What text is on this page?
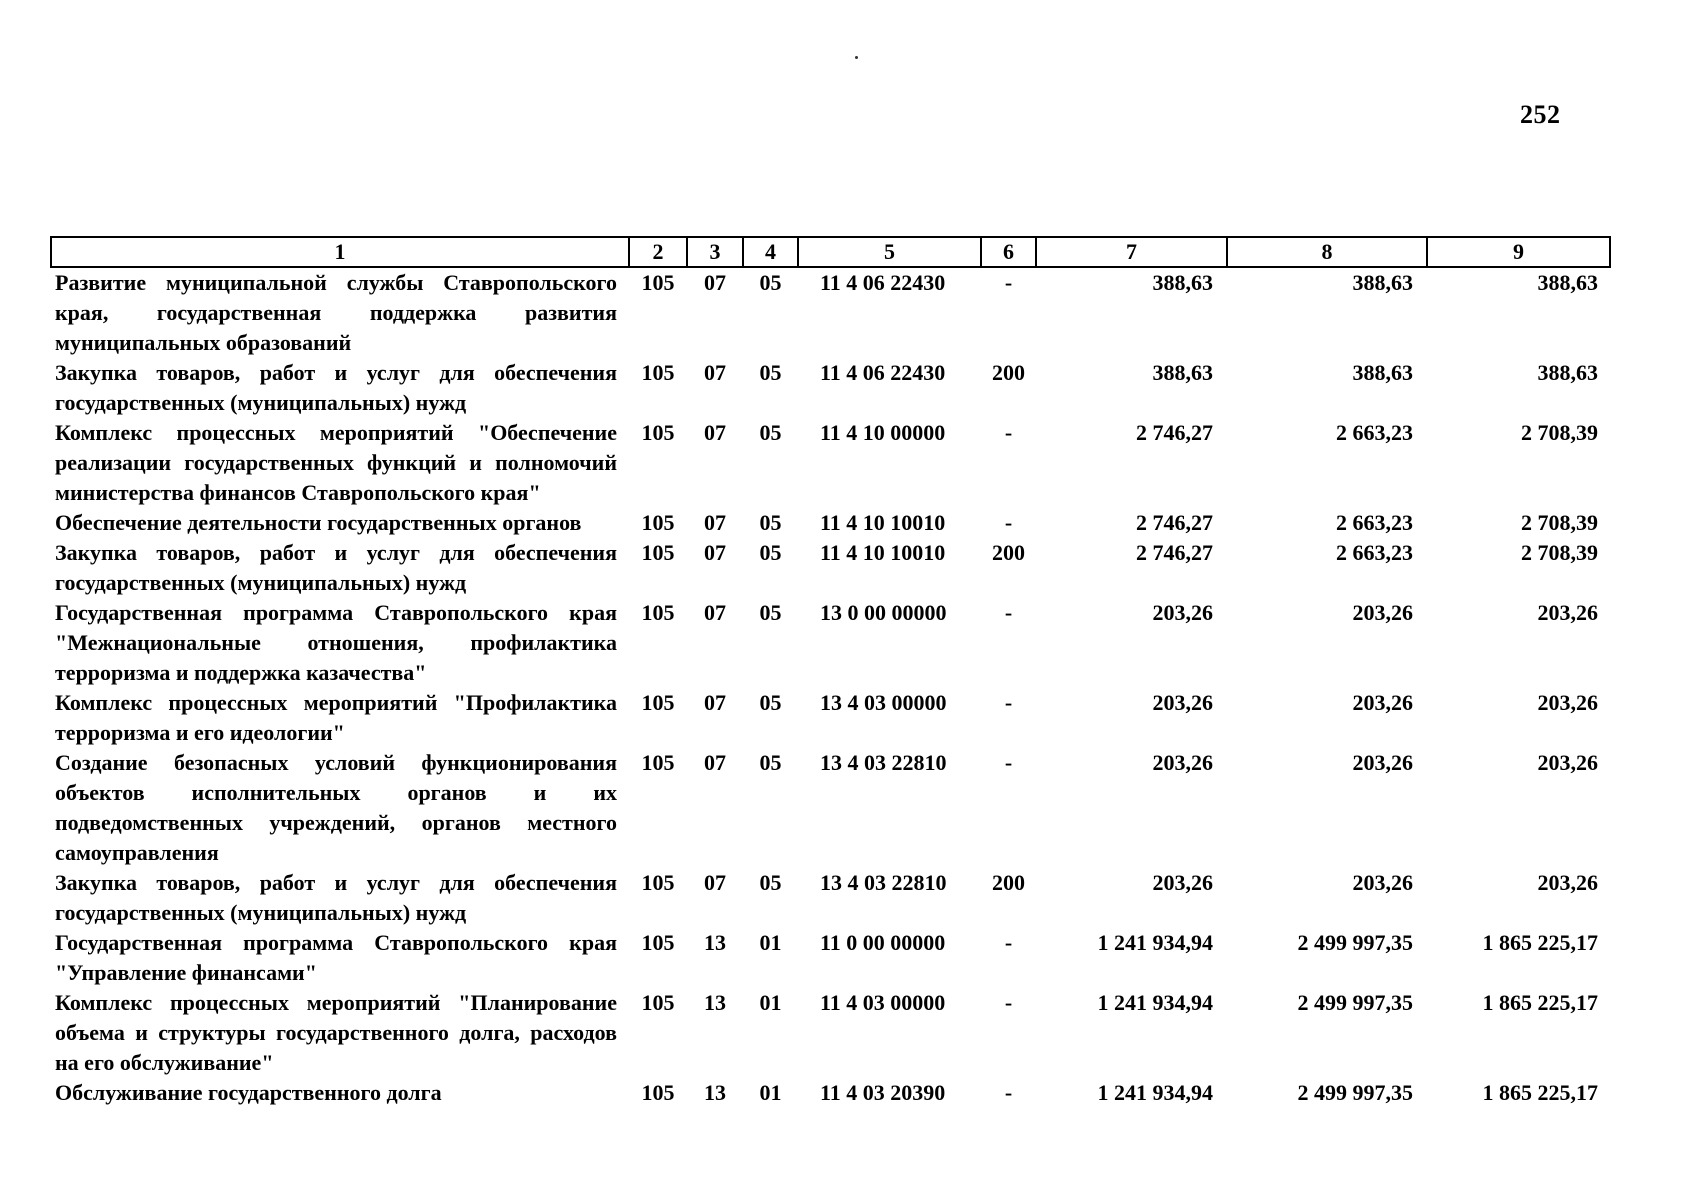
252
1	2	3	4	5	6	7	8	9
Развитие муниципальной службы Ставропольского края, государственная поддержка развития муниципальных образований	105	07	05	11 4 06 22430	-	388,63	388,63	388,63
Закупка товаров, работ и услуг для обеспечения государственных (муниципальных) нужд	105	07	05	11 4 06 22430	200	388,63	388,63	388,63
Комплекс процессных мероприятий "Обеспечение реализации государственных функций и полномочий министерства финансов Ставропольского края"	105	07	05	11 4 10 00000	-	2 746,27	2 663,23	2 708,39
Обеспечение деятельности государственных органов	105	07	05	11 4 10 10010	-	2 746,27	2 663,23	2 708,39
Закупка товаров, работ и услуг для обеспечения государственных (муниципальных) нужд	105	07	05	11 4 10 10010	200	2 746,27	2 663,23	2 708,39
Государственная программа Ставропольского края "Межнациональные отношения, профилактика терроризма и поддержка казачества"	105	07	05	13 0 00 00000	-	203,26	203,26	203,26
Комплекс процессных мероприятий "Профилактика терроризма и его идеологии"	105	07	05	13 4 03 00000	-	203,26	203,26	203,26
Создание безопасных условий функционирования объектов исполнительных органов и их подведомственных учреждений, органов местного самоуправления	105	07	05	13 4 03 22810	-	203,26	203,26	203,26
Закупка товаров, работ и услуг для обеспечения государственных (муниципальных) нужд	105	07	05	13 4 03 22810	200	203,26	203,26	203,26
Государственная программа Ставропольского края "Управление финансами"	105	13	01	11 0 00 00000	-	1 241 934,94	2 499 997,35	1 865 225,17
Комплекс процессных мероприятий "Планирование объема и структуры государственного долга, расходов на его обслуживание"	105	13	01	11 4 03 00000	-	1 241 934,94	2 499 997,35	1 865 225,17
Обслуживание государственного долга	105	13	01	11 4 03 20390	-	1 241 934,94	2 499 997,35	1 865 225,17
